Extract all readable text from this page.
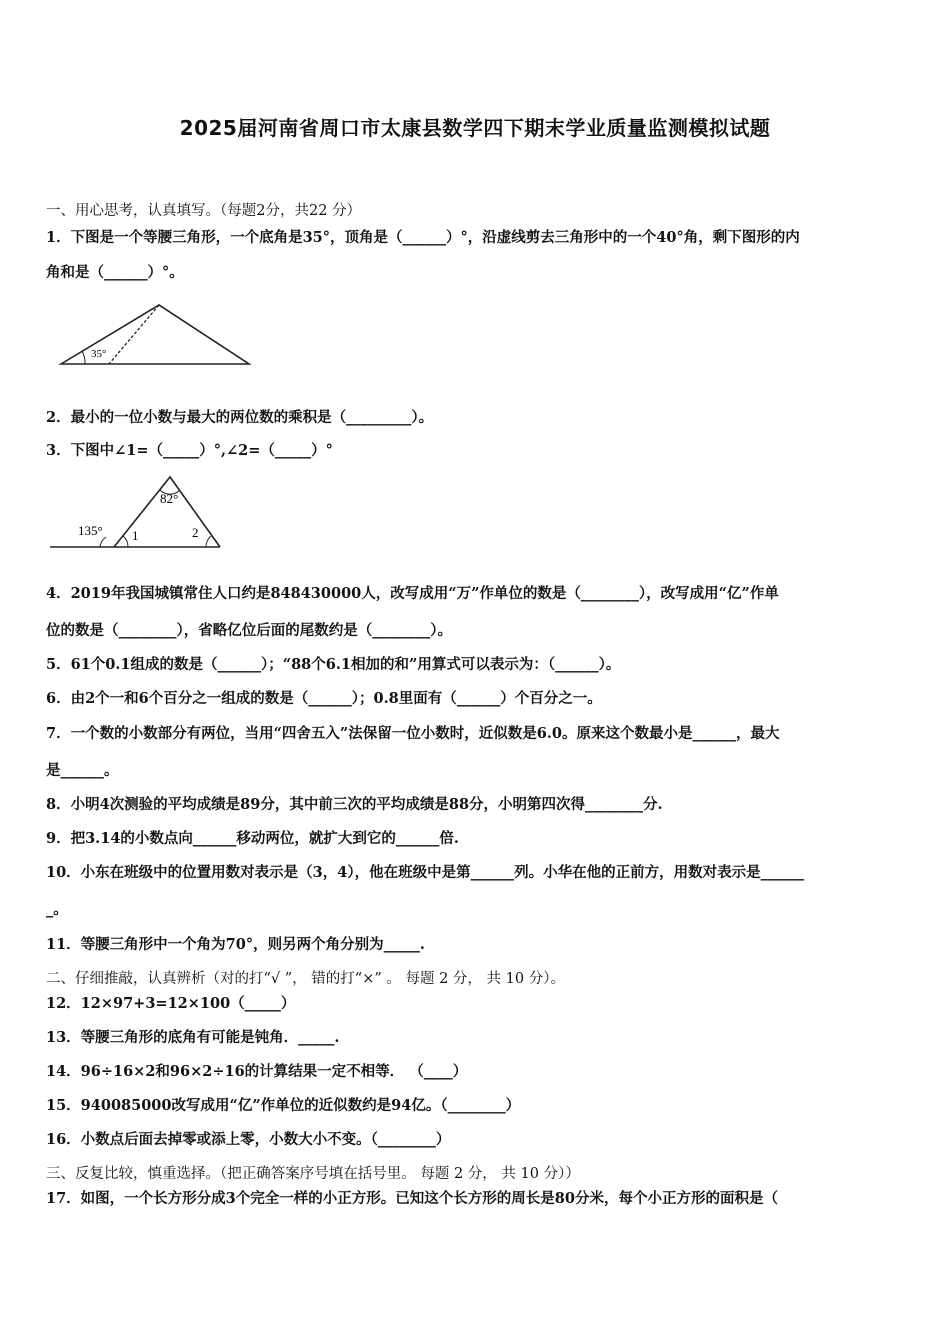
2025届河南省周口市太康县数学四下期末学业质量监测模拟试题
一、用心思考，认真填写。（每题2分，共22 分）
1．下图是一个等腰三角形，一个底角是35°，顶角是（______）°，沿虚线剪去三角形中的一个40°角，剩下图形的内
角和是（______）°。
35°
2．最小的一位小数与最大的两位数的乘积是（_________）。
3．下图中∠1=（_____）°,∠2=（_____）°
82°
135° 1	2
4．2019年我国城镇常住人口约是848430000人，改写成用“万”作单位的数是（________），改写成用“亿”作单
位的数是（________），省略亿位后面的尾数约是（________）。
5．61个0.1组成的数是（______）；“88个6.1相加的和”用算式可以表示为：（______）。
6．由2个一和6个百分之一组成的数是（______）；0.8里面有（______）个百分之一。
7．一个数的小数部分有两位，当用“四舍五入”法保留一位小数时，近似数是6.0。原来这个数最小是______，最大
是______。
8．小明4次测验的平均成绩是89分，其中前三次的平均成绩是88分，小明第四次得________分.
9．把3.14的小数点向______移动两位，就扩大到它的______倍.
10．小东在班级中的位置用数对表示是（3，4），他在班级中是第______列。小华在他的正前方，用数对表示是______
_。
11．等腰三角形中一个角为70°，则另两个角分别为_____.
二、仔细推敲，认真辨析（对的打“√ ”， 错的打“×” 。 每题 2 分， 共 10 分）。
12．12×97+3=12×100（_____）
13．等腰三角形的底角有可能是钝角．_____.
14．96÷16×2和96×2÷16的计算结果一定不相等． （____）
15．940085000改写成用“亿”作单位的近似数约是94亿。（________）
16．小数点后面去掉零或添上零，小数大小不变。（________）
三、反复比较，慎重选择。（把正确答案序号填在括号里。 每题 2 分， 共 10 分））
17．如图，一个长方形分成3个完全一样的小正方形。已知这个长方形的周长是80分米，每个小正方形的面积是（
